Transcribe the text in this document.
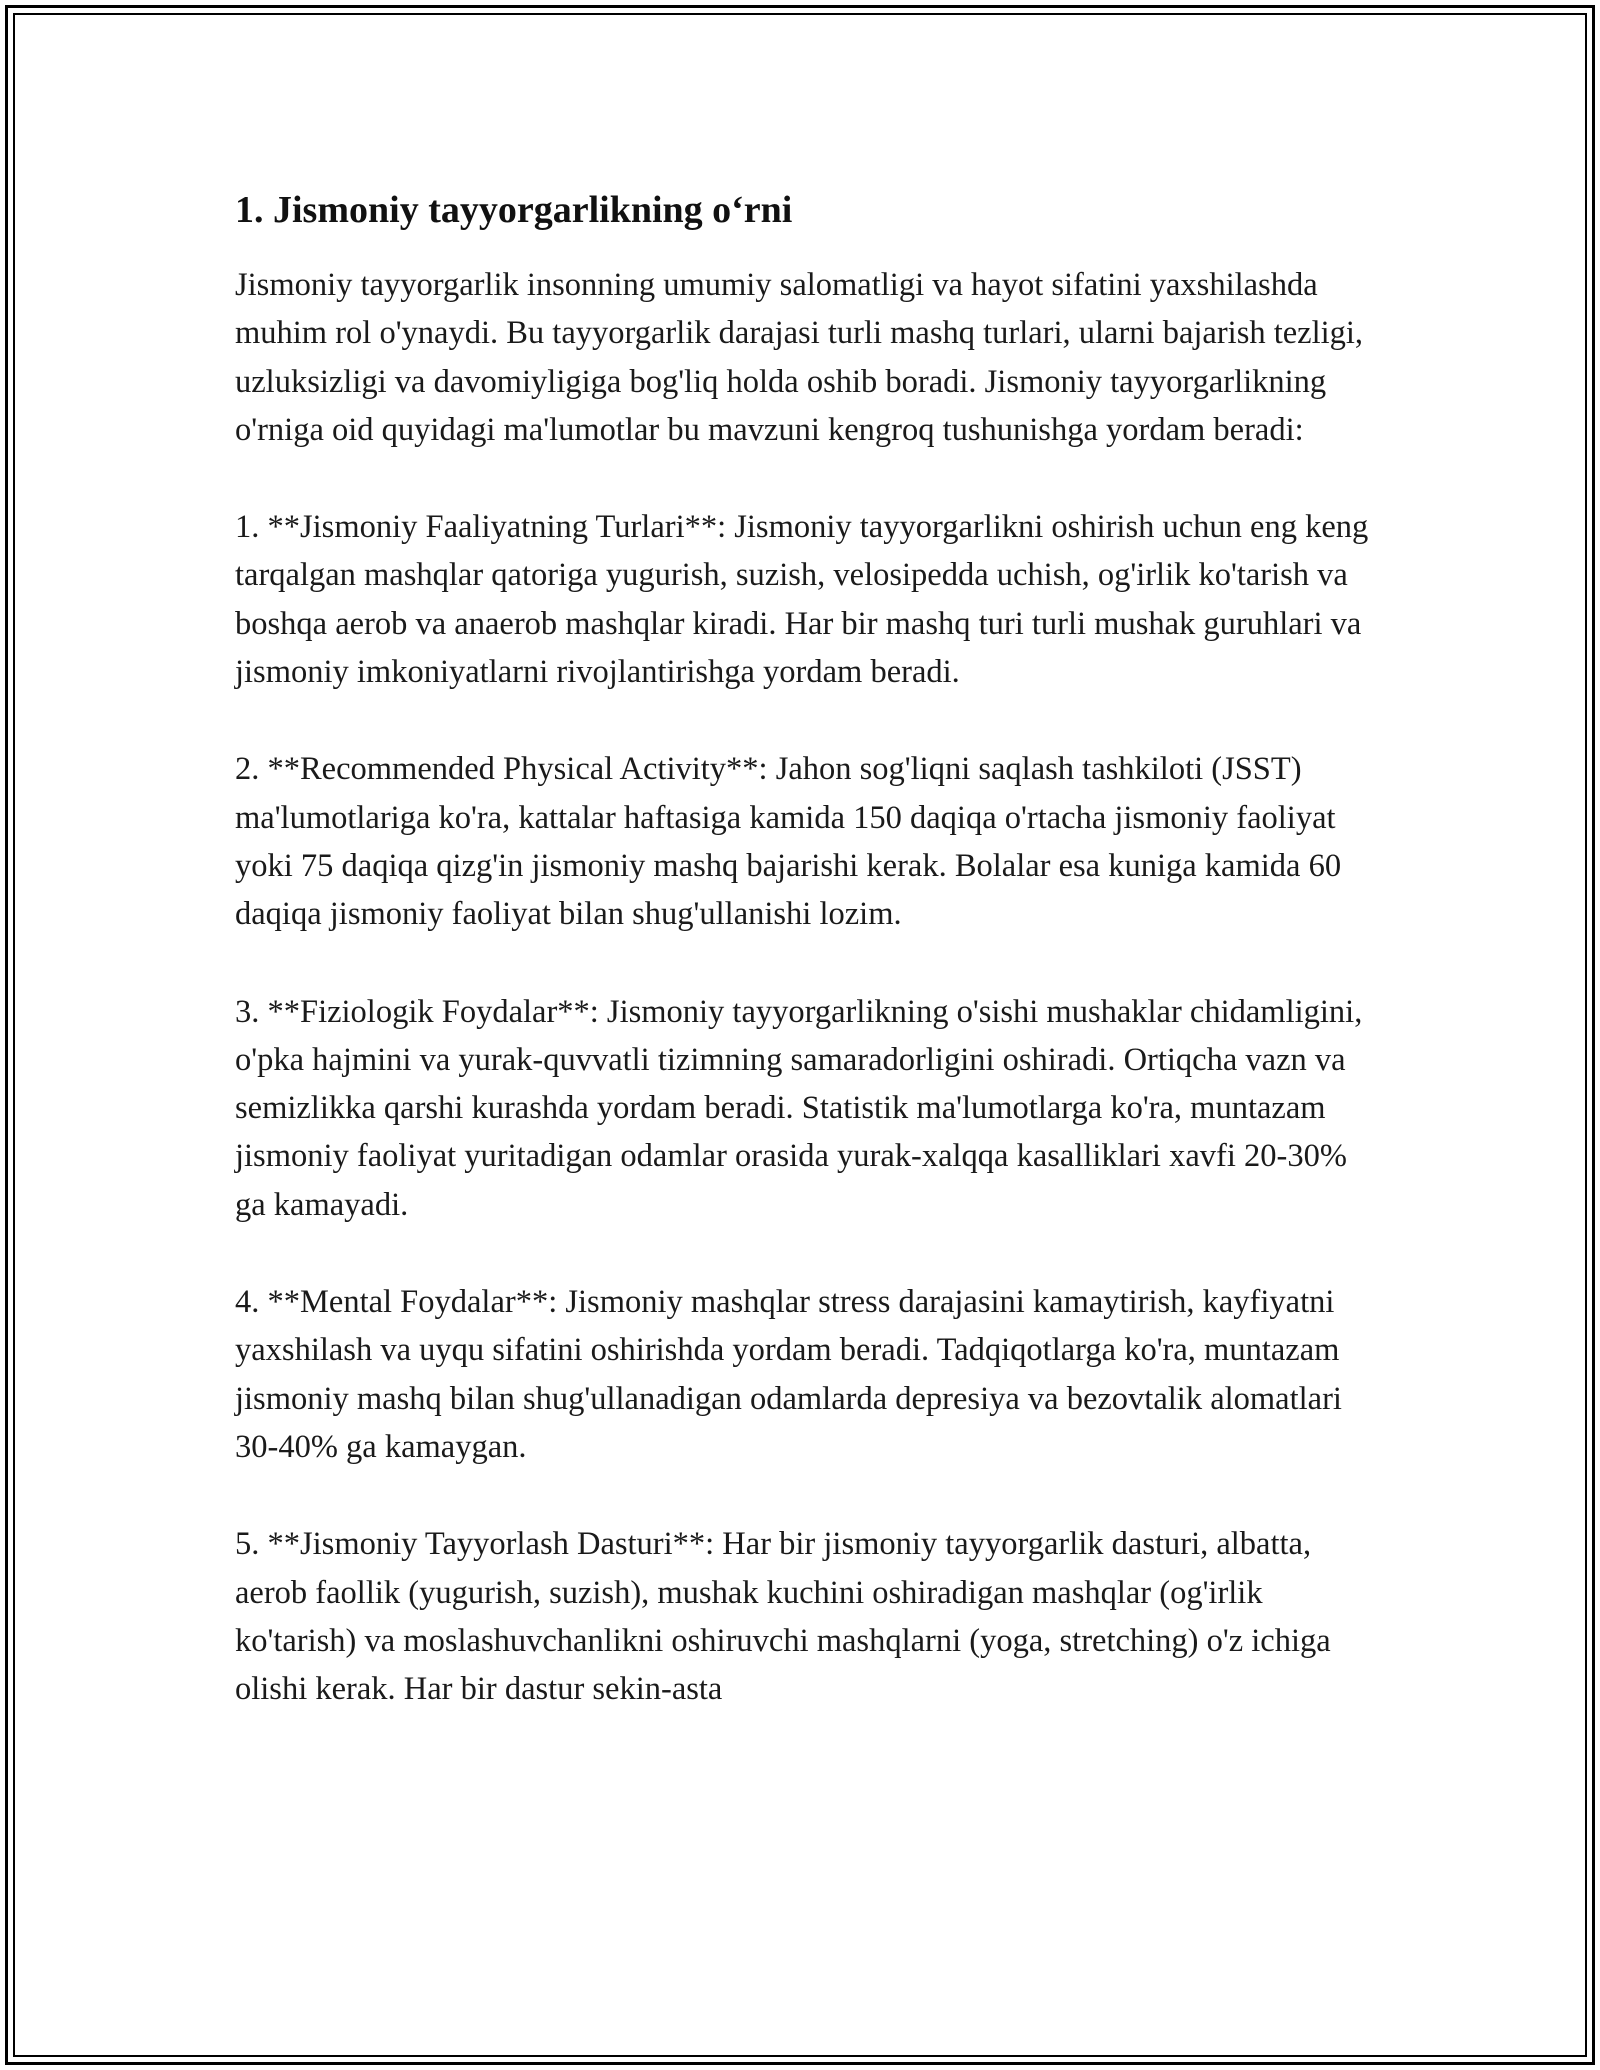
1. Jismoniy tayyorgarlikning o‘rni

Jismoniy tayyorgarlik insonning umumiy salomatligi va hayot sifatini yaxshilashda muhim rol o'ynaydi. Bu tayyorgarlik darajasi turli mashq turlari, ularni bajarish tezligi, uzluksizligi va davomiyligiga bog'liq holda oshib boradi. Jismoniy tayyorgarlikning o'rniga oid quyidagi ma'lumotlar bu mavzuni kengroq tushunishga yordam beradi:

1. **Jismoniy Faaliyatning Turlari**: Jismoniy tayyorgarlikni oshirish uchun eng keng tarqalgan mashqlar qatoriga yugurish, suzish, velosipedda uchish, og'irlik ko'tarish va boshqa aerob va anaerob mashqlar kiradi. Har bir mashq turi turli mushak guruhlari va jismoniy imkoniyatlarni rivojlantirishga yordam beradi.

2. **Recommended Physical Activity**: Jahon sog'liqni saqlash tashkiloti (JSST) ma'lumotlariga ko'ra, kattalar haftasiga kamida 150 daqiqa o'rtacha jismoniy faoliyat yoki 75 daqiqa qizg'in jismoniy mashq bajarishi kerak. Bolalar esa kuniga kamida 60 daqiqa jismoniy faoliyat bilan shug'ullanishi lozim.

3. **Fiziologik Foydalar**: Jismoniy tayyorgarlikning o'sishi mushaklar chidamligini, o'pka hajmini va yurak-quvvatli tizimning samaradorligini oshiradi. Ortiqcha vazn va semizlikka qarshi kurashda yordam beradi. Statistik ma'lumotlarga ko'ra, muntazam jismoniy faoliyat yuritadigan odamlar orasida yurak-xalqqa kasalliklari xavfi 20-30% ga kamayadi.

4. **Mental Foydalar**: Jismoniy mashqlar stress darajasini kamaytirish, kayfiyatni yaxshilash va uyqu sifatini oshirishda yordam beradi. Tadqiqotlarga ko'ra, muntazam jismoniy mashq bilan shug'ullanadigan odamlarda depresiya va bezovtalik alomatlari 30-40% ga kamaygan.

5. **Jismoniy Tayyorlash Dasturi**: Har bir jismoniy tayyorgarlik dasturi, albatta, aerob faollik (yugurish, suzish), mushak kuchini oshiradigan mashqlar (og'irlik ko'tarish) va moslashuvchanlikni oshiruvchi mashqlarni (yoga, stretching) o'z ichiga olishi kerak. Har bir dastur sekin-asta
